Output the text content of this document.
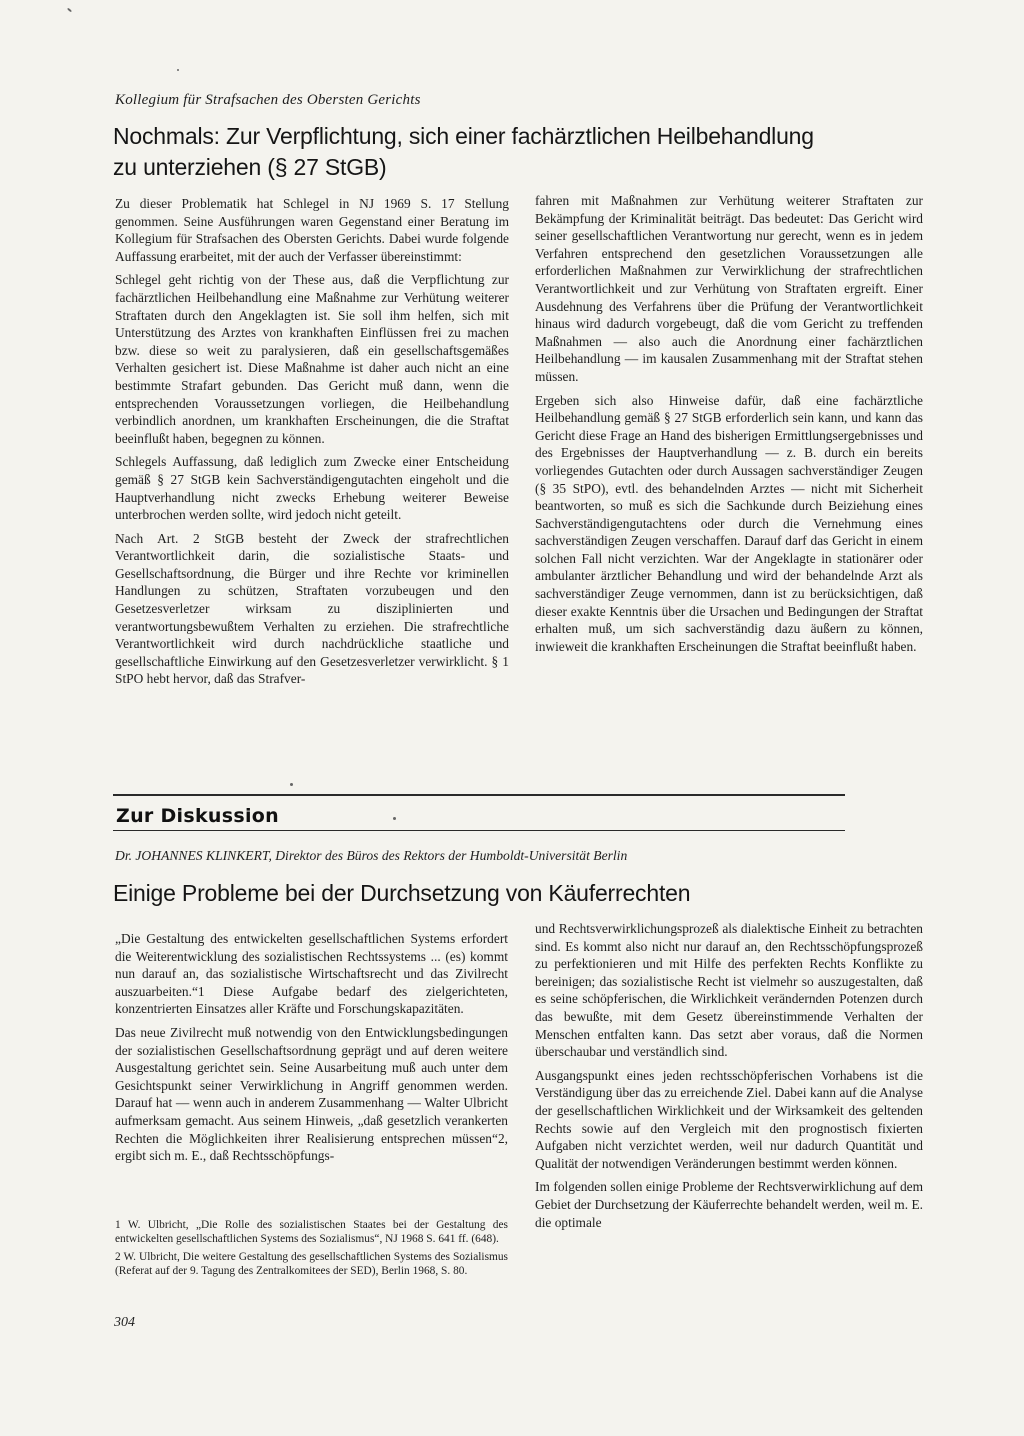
Kollegium für Strafsachen des Obersten Gerichts
Nochmals: Zur Verpflichtung, sich einer fachärztlichen Heilbehandlung
zu unterziehen (§ 27 StGB)

Zu dieser Problematik hat Schlegel in NJ 1969 S. 17 Stellung genommen. Seine Ausführungen waren Gegenstand einer Beratung im Kollegium für Strafsachen des Obersten Gerichts. Dabei wurde folgende Auffassung erarbeitet, mit der auch der Verfasser übereinstimmt:

Schlegel geht richtig von der These aus, daß die Verpflichtung zur fachärztlichen Heilbehandlung eine Maßnahme zur Verhütung weiterer Straftaten durch den Angeklagten ist. Sie soll ihm helfen, sich mit Unterstützung des Arztes von krankhaften Einflüssen frei zu machen bzw. diese so weit zu paralysieren, daß ein gesellschaftsgemäßes Verhalten gesichert ist. Diese Maßnahme ist daher auch nicht an eine bestimmte Strafart gebunden. Das Gericht muß dann, wenn die entsprechenden Voraussetzungen vorliegen, die Heilbehandlung verbindlich anordnen, um krankhaften Erscheinungen, die die Straftat beeinflußt haben, begegnen zu können.

Schlegels Auffassung, daß lediglich zum Zwecke einer Entscheidung gemäß § 27 StGB kein Sachverständigengutachten eingeholt und die Hauptverhandlung nicht zwecks Erhebung weiterer Beweise unterbrochen werden sollte, wird jedoch nicht geteilt.

Nach Art. 2 StGB besteht der Zweck der strafrechtlichen Verantwortlichkeit darin, die sozialistische Staats- und Gesellschaftsordnung, die Bürger und ihre Rechte vor kriminellen Handlungen zu schützen, Straftaten vorzubeugen und den Gesetzesverletzer wirksam zu disziplinierten und verantwortungsbewußtem Verhalten zu erziehen. Die strafrechtliche Verantwortlichkeit wird durch nachdrückliche staatliche und gesellschaftliche Einwirkung auf den Gesetzesverletzer verwirklicht. § 1 StPO hebt hervor, daß das Strafver-

fahren mit Maßnahmen zur Verhütung weiterer Straftaten zur Bekämpfung der Kriminalität beiträgt. Das bedeutet: Das Gericht wird seiner gesellschaftlichen Verantwortung nur gerecht, wenn es in jedem Verfahren entsprechend den gesetzlichen Voraussetzungen alle erforderlichen Maßnahmen zur Verwirklichung der strafrechtlichen Verantwortlichkeit und zur Verhütung von Straftaten ergreift. Einer Ausdehnung des Verfahrens über die Prüfung der Verantwortlichkeit hinaus wird dadurch vorgebeugt, daß die vom Gericht zu treffenden Maßnahmen — also auch die Anordnung einer fachärztlichen Heilbehandlung — im kausalen Zusammenhang mit der Straftat stehen müssen.

Ergeben sich also Hinweise dafür, daß eine fachärztliche Heilbehandlung gemäß § 27 StGB erforderlich sein kann, und kann das Gericht diese Frage an Hand des bisherigen Ermittlungsergebnisses und des Ergebnisses der Hauptverhandlung — z. B. durch ein bereits vorliegendes Gutachten oder durch Aussagen sachverständiger Zeugen (§ 35 StPO), evtl. des behandelnden Arztes — nicht mit Sicherheit beantworten, so muß es sich die Sachkunde durch Beiziehung eines Sachverständigengutachtens oder durch die Vernehmung eines sachverständigen Zeugen verschaffen. Darauf darf das Gericht in einem solchen Fall nicht verzichten. War der Angeklagte in stationärer oder ambulanter ärztlicher Behandlung und wird der behandelnde Arzt als sachverständiger Zeuge vernommen, dann ist zu berücksichtigen, daß dieser exakte Kenntnis über die Ursachen und Bedingungen der Straftat erhalten muß, um sich sachverständig dazu äußern zu können, inwieweit die krankhaften Erscheinungen die Straftat beeinflußt haben.

Zur Diskussion
Dr. JOHANNES KLINKERT, Direktor des Büros des Rektors der Humboldt-Universität Berlin
Einige Probleme bei der Durchsetzung von Käuferrechten

„Die Gestaltung des entwickelten gesellschaftlichen Systems erfordert die Weiterentwicklung des sozialistischen Rechtssystems ... (es) kommt nun darauf an, das sozialistische Wirtschaftsrecht und das Zivilrecht auszuarbeiten.“1 Diese Aufgabe bedarf des zielgerichteten, konzentrierten Einsatzes aller Kräfte und Forschungskapazitäten.

Das neue Zivilrecht muß notwendig von den Entwicklungsbedingungen der sozialistischen Gesellschaftsordnung geprägt und auf deren weitere Ausgestaltung gerichtet sein. Seine Ausarbeitung muß auch unter dem Gesichtspunkt seiner Verwirklichung in Angriff genommen werden. Darauf hat — wenn auch in anderem Zusammenhang — Walter Ulbricht aufmerksam gemacht. Aus seinem Hinweis, „daß gesetzlich verankerten Rechten die Möglichkeiten ihrer Realisierung entsprechen müssen“2, ergibt sich m. E., daß Rechtsschöpfungs-

1 W. Ulbricht, „Die Rolle des sozialistischen Staates bei der Gestaltung des entwickelten gesellschaftlichen Systems des Sozialismus“, NJ 1968 S. 641 ff. (648).

2 W. Ulbricht, Die weitere Gestaltung des gesellschaftlichen Systems des Sozialismus (Referat auf der 9. Tagung des Zentralkomitees der SED), Berlin 1968, S. 80.

und Rechtsverwirklichungsprozeß als dialektische Einheit zu betrachten sind. Es kommt also nicht nur darauf an, den Rechtsschöpfungsprozeß zu perfektionieren und mit Hilfe des perfekten Rechts Konflikte zu bereinigen; das sozialistische Recht ist vielmehr so auszugestalten, daß es seine schöpferischen, die Wirklichkeit verändernden Potenzen durch das bewußte, mit dem Gesetz übereinstimmende Verhalten der Menschen entfalten kann. Das setzt aber voraus, daß die Normen überschaubar und verständlich sind.

Ausgangspunkt eines jeden rechtsschöpferischen Vorhabens ist die Verständigung über das zu erreichende Ziel. Dabei kann auf die Analyse der gesellschaftlichen Wirklichkeit und der Wirksamkeit des geltenden Rechts sowie auf den Vergleich mit den prognostisch fixierten Aufgaben nicht verzichtet werden, weil nur dadurch Quantität und Qualität der notwendigen Veränderungen bestimmt werden können.

Im folgenden sollen einige Probleme der Rechtsverwirklichung auf dem Gebiet der Durchsetzung der Käuferrechte behandelt werden, weil m. E. die optimale

304
